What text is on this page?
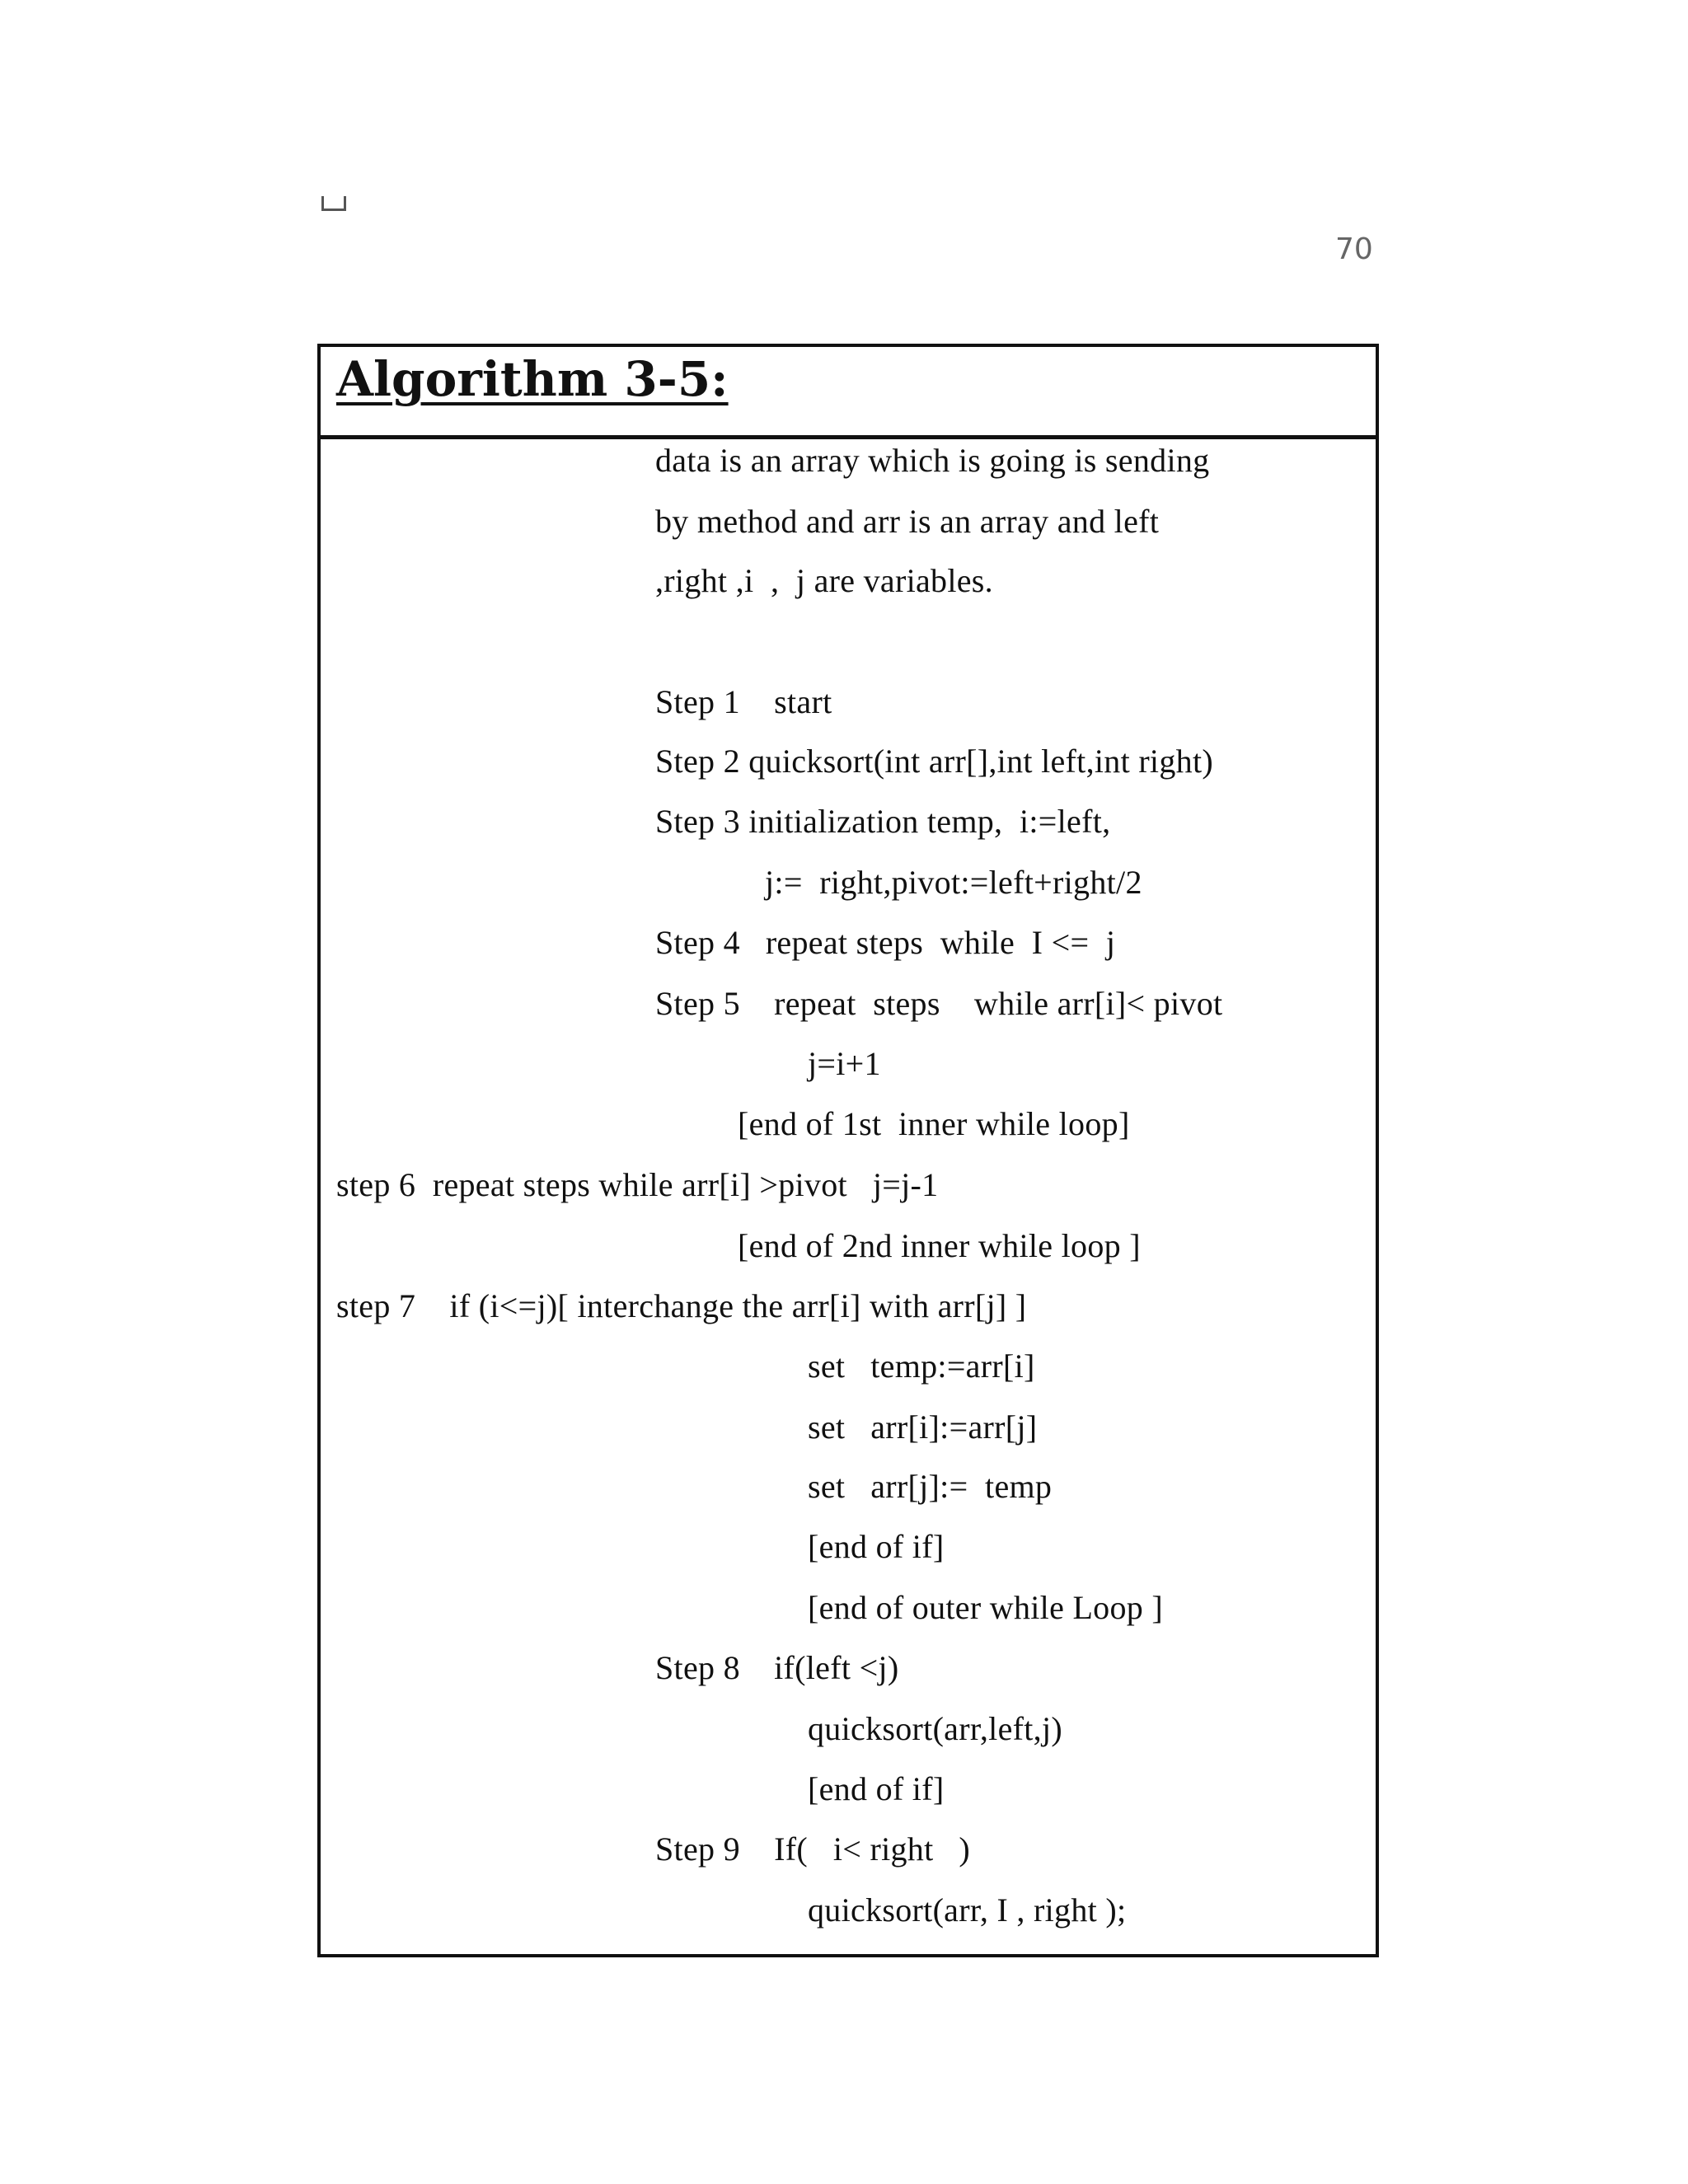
70
Algorithm 3-5:
data is an array which is going is sending
by method and arr is an array and left
,right ,i  ,  j are variables.
Step 1    start
Step 2 quicksort(int arr[],int left,int right)
Step 3 initialization temp,  i:=left,
j:=  right,pivot:=left+right/2
Step 4   repeat steps  while  I <=  j
Step 5    repeat  steps    while arr[i]< pivot
j=i+1
[end of 1st  inner while loop]
step 6  repeat steps while arr[i] >pivot   j=j-1
[end of 2nd inner while loop ]
step 7    if (i<=j)[ interchange the arr[i] with arr[j] ]
set   temp:=arr[i]
set   arr[i]:=arr[j]
set   arr[j]:=  temp
[end of if]
[end of outer while Loop ]
Step 8    if(left <j)
quicksort(arr,left,j)
[end of if]
Step 9    If(   i< right   )
quicksort(arr, I , right );
